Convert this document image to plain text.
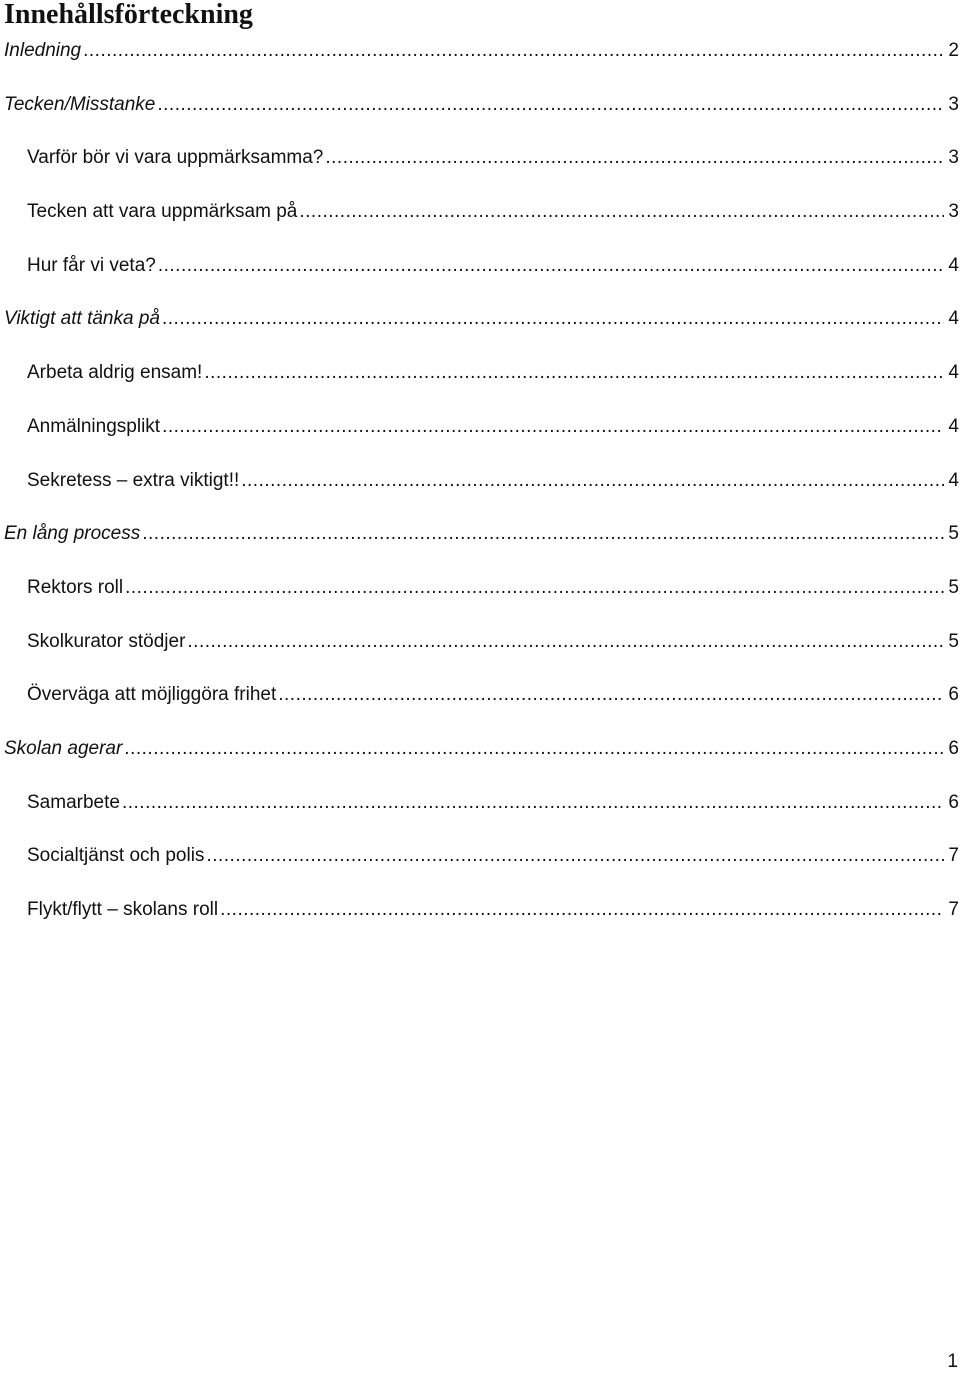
Innehållsförteckning
Inledning .....	2
Tecken/Misstanke .....	3
Varför bör vi vara uppmärksamma? .....	3
Tecken att vara uppmärksam på .....	3
Hur får vi veta? .....	4
Viktigt att tänka på .....	4
Arbeta aldrig ensam! .....	4
Anmälningsplikt .....	4
Sekretess – extra viktigt!! .....	4
En lång process .....	5
Rektors roll .....	5
Skolkurator stödjer .....	5
Överväga att möjliggöra frihet .....	6
Skolan agerar .....	6
Samarbete .....	6
Socialtjänst och polis .....	7
Flykt/flytt – skolans roll .....	7
1
